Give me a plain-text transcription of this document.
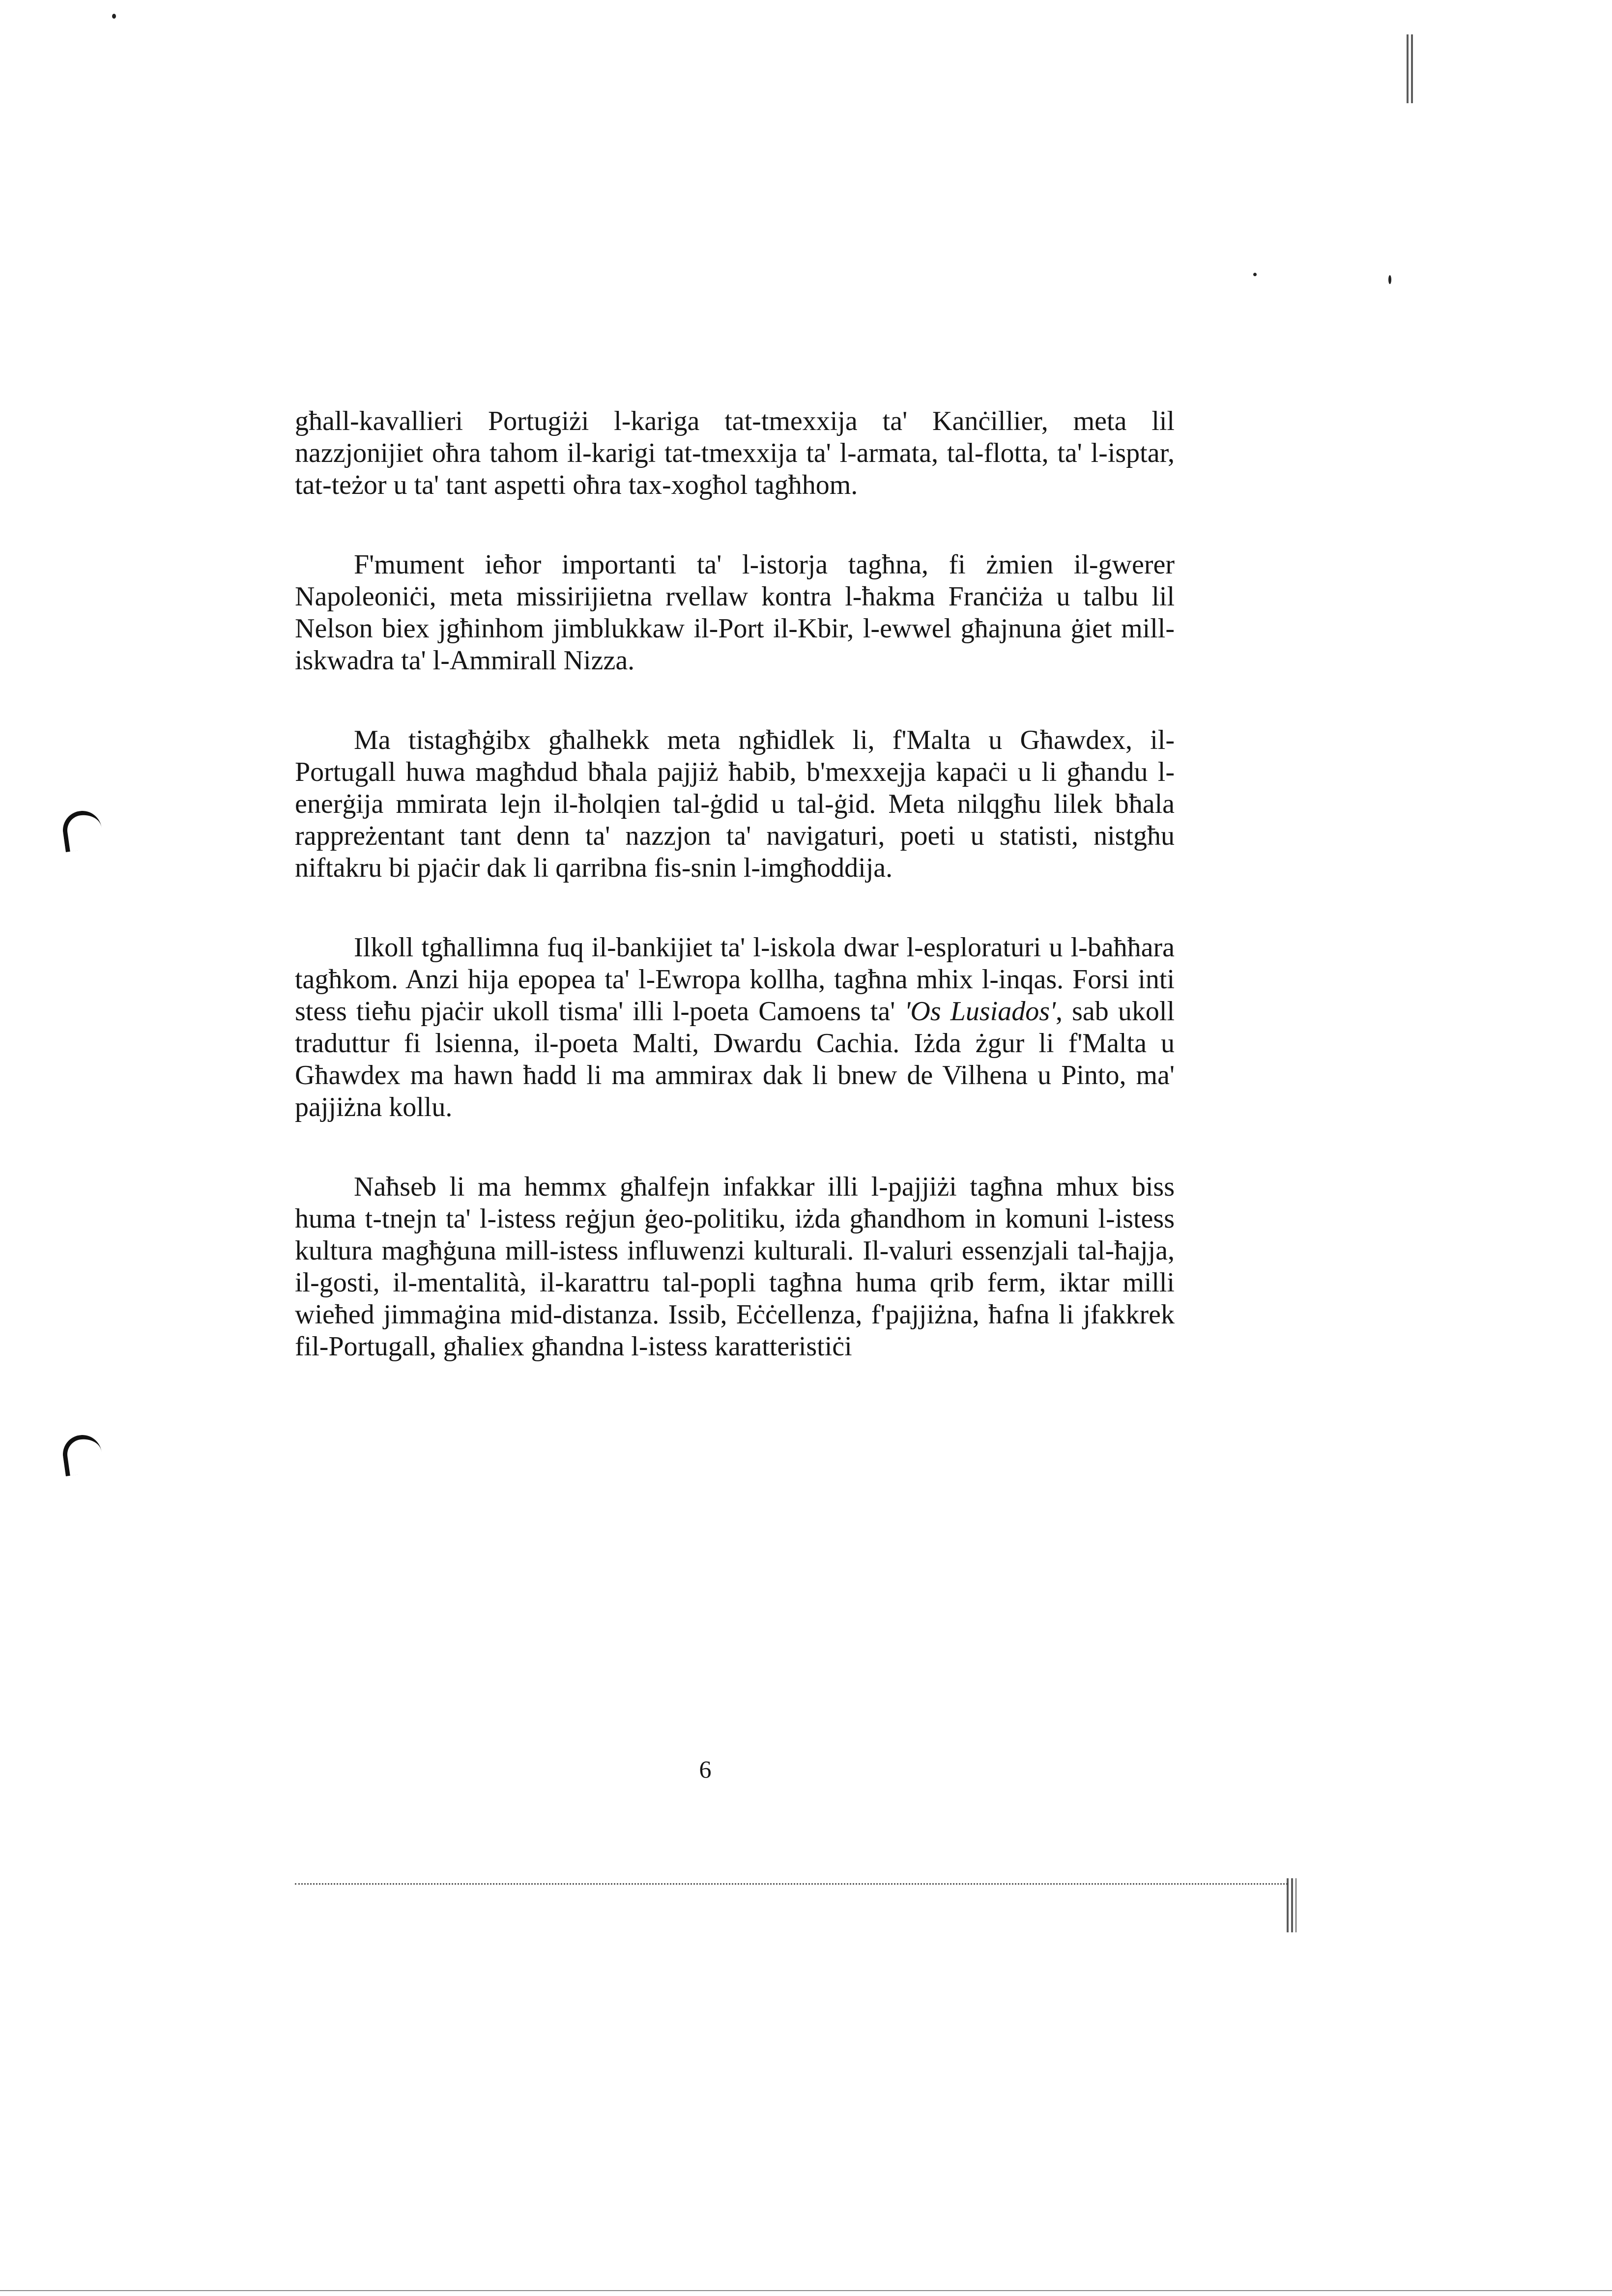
għall-kavallieri Portugiżi l-kariga tat-tmexxija ta' Kanċillier, meta lil nazzjonijiet oħra tahom il-karigi tat-tmexxija ta' l-armata, tal-flotta, ta' l-isptar, tat-teżor u ta' tant aspetti oħra tax-xogħol tagħhom.

F'mument ieħor importanti ta' l-istorja tagħna, fi żmien il-gwerer Napoleoniċi, meta missirijietna rvellaw kontra l-ħakma Franċiża u talbu lil Nelson biex jgħinhom jimblukkaw il-Port il-Kbir, l-ewwel għajnuna ġiet mill-iskwadra ta' l-Ammirall Nizza.

Ma tistagħġibx għalhekk meta ngħidlek li, f'Malta u Għawdex, il-Portugall huwa magħdud bħala pajjiż ħabib, b'mexxejja kapaċi u li għandu l-enerġija mmirata lejn il-ħolqien tal-ġdid u tal-ġid. Meta nilqgħu lilek bħala rappreżentant tant denn ta' nazzjon ta' navigaturi, poeti u statisti, nistgħu niftakru bi pjaċir dak li qarribna fis-snin l-imgħoddija.

Ilkoll tgħallimna fuq il-bankijiet ta' l-iskola dwar l-esploraturi u l-baħħara tagħkom. Anzi hija epopea ta' l-Ewropa kollha, tagħna mhix l-inqas. Forsi inti stess tieħu pjaċir ukoll tisma' illi l-poeta Camoens ta' 'Os Lusiados', sab ukoll traduttur fi lsienna, il-poeta Malti, Dwardu Cachia. Iżda żgur li f'Malta u Għawdex ma hawn ħadd li ma ammirax dak li bnew de Vilhena u Pinto, ma' pajjiżna kollu.

Naħseb li ma hemmx għalfejn infakkar illi l-pajjiżi tagħna mhux biss huma t-tnejn ta' l-istess reġjun ġeo-politiku, iżda għandhom in komuni l-istess kultura magħġuna mill-istess influwenzi kulturali. Il-valuri essenzjali tal-ħajja, il-gosti, il-mentalità, il-karattru tal-popli tagħna huma qrib ferm, iktar milli wieħed jimmaġina mid-distanza. Issib, Eċċellenza, f'pajjiżna, ħafna li jfakkrek fil-Portugall, għaliex għandna l-istess karatteristiċi

6
